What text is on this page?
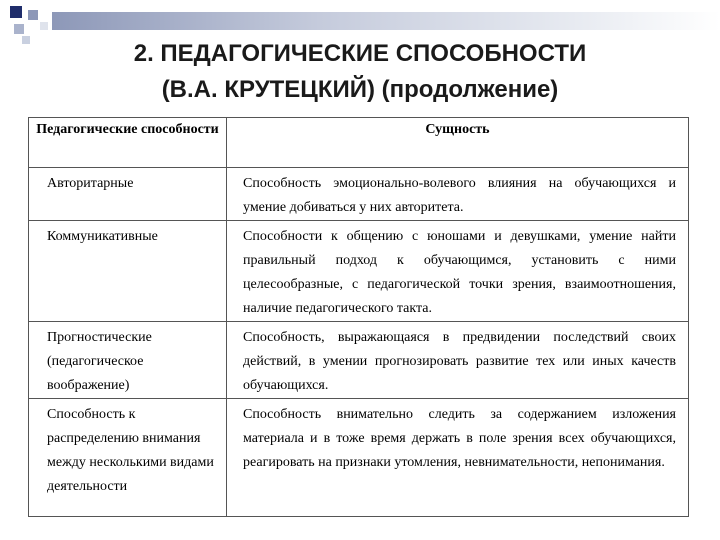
2. ПЕДАГОГИЧЕСКИЕ СПОСОБНОСТИ
(В.А. КРУТЕЦКИЙ) (продолжение)
Педагогические способности	Сущность
Авторитарные	Способность эмоционально-волевого влияния на обучающихся и умение добиваться у них авторитета.
Коммуникативные	Способности к общению с юношами и девушками, умение найти правильный подход к обучающимся, установить с ними целесообразные, с педагогической точки зрения, взаимоотношения, наличие педагогического такта.
Прогностические (педагогическое воображение)	Способность, выражающаяся в предвидении последствий своих действий, в умении прогнозировать развитие тех или иных качеств обучающихся.
Способность к распределению внимания между несколькими видами деятельности	Способность внимательно следить за содержанием изложения материала и в тоже время держать в поле зрения всех обучающихся, реагировать на признаки утомления, невнимательности, непонимания.
